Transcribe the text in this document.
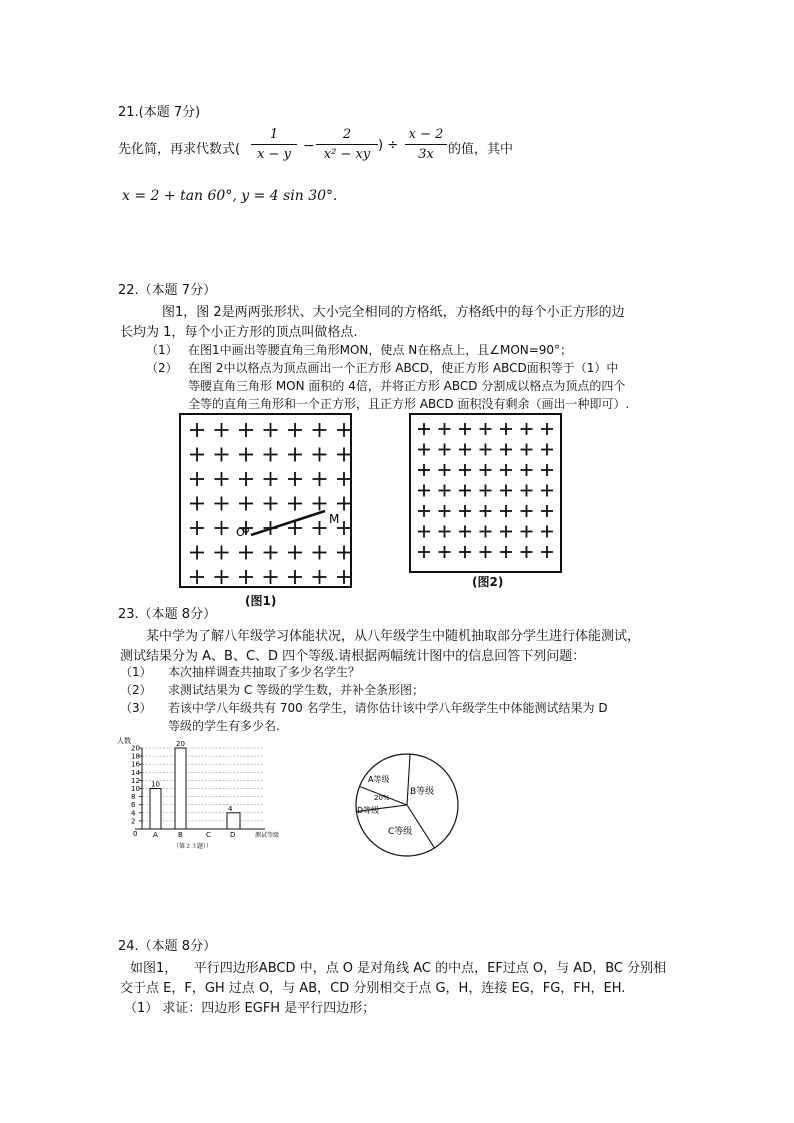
21.(本题 7分)
先化简，再求代数式(
1
x − y
−
2
x² − xy
) ÷
x − 2
3x	的值，其中
x = 2 + tan 60°, y = 4 sin 30°.
22.（本题 7分）
图1，图 2是两两张形状、大小完全相同的方格纸，方格纸中的每个小正方形的边
长均为 1，每个小正方形的顶点叫做格点.
（1） 在图1中画出等腰直角三角形MON，使点 N在格点上，且∠MON=90°；
（2） 在图 2中以格点为顶点画出一个正方形 ABCD，使正方形 ABCD面积等于（1）中
等腰直角三角形 MON 面积的 4倍，并将正方形 ABCD 分割成以格点为顶点的四个
全等的直角三角形和一个正方形，且正方形 ABCD 面积没有剩余（画出一种即可）.
O
M
(图1)
(图2)
23.（本题 8分）
某中学为了解八年级学习体能状况，从八年级学生中随机抽取部分学生进行体能测试，
测试结果分为 A、B、C、D 四个等级.请根据两幅统计图中的信息回答下列问题：
（1） 本次抽样调查共抽取了多少名学生？
（2） 求测试结果为 C 等级的学生数，并补全条形图；
（3） 若该中学八年级共有 700 名学生，请你估计该中学八年级学生中体能测试结果为 D
等级的学生有多少名.
人数
2
4
6
8
10
12
14
16
18
20
0
10
20
4
A	B	C	D	测试等级
（第２３题））
A等级
20%
B等级
C等级
D等级
24.（本题 8分）
如图1，    平行四边形ABCD 中，点 O 是对角线 AC 的中点，EF过点 O，与 AD，BC 分别相
交于点 E，F，GH 过点 O，与 AB，CD 分别相交于点 G，H，连接 EG，FG，FH，EH.
（1） 求证：四边形 EGFH 是平行四边形；
